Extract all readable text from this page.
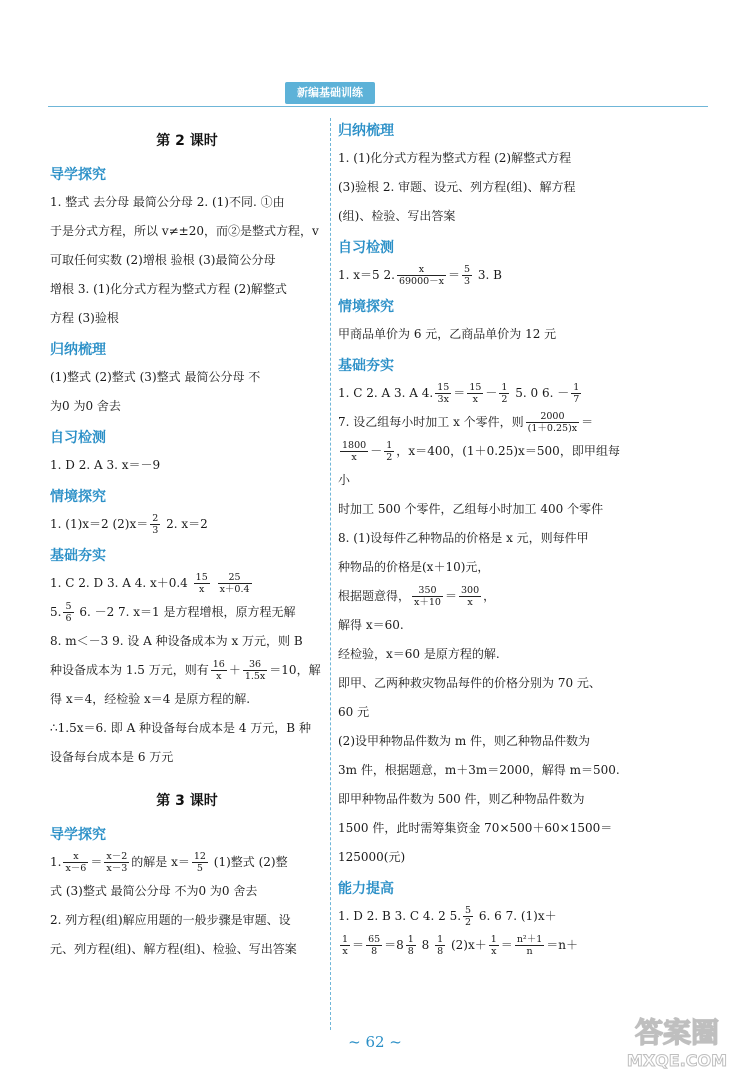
新编基础训练
第 2 课时
导学探究

1. 整式 去分母 最简公分母 2. (1)不同. ①由

于是分式方程，所以 v≠±20，而②是整式方程，v

可取任何实数 (2)增根 验根 (3)最简公分母

增根 3. (1)化分式方程为整式方程 (2)解整式

方程 (3)验根

归纳梳理

(1)整式 (2)整式 (3)整式 最简公分母 不

为0 为0 舍去

自习检测

1. D 2. A 3. x＝－9

情境探究

1. (1)x＝2 $(2)x= \frac{2}{3} 2$. x＝2

基础夯实

1. C 2. D 3. A 4. $x+0.4 \frac{15}{x}$
$\frac{25}{x+0.4}$

5. $\frac{5}{6} 6$. －2 7. x＝1 是方程增根，原方程无解

8. m＜－3 9. 设 A 种设备成本为 x 万元，则 B

种设备成本为 1.5 万元，则有 $\frac{16}{x} + \frac{36}{1.5x} =10$，解

得 x＝4，经检验 x＝4 是原方程的解.

∴1.5x＝6. 即 A 种设备每台成本是 4 万元，B 种

设备每台成本是 6 万元

第 3 课时
导学探究

1. $\frac{x}{x-6} = \frac{x-2}{x-3}$ 的解是 $x= \frac{12}{5} (1)$整式 (2)整

式 (3)整式 最简公分母 不为0 为0 舍去

2. 列方程(组)解应用题的一般步骤是审题、设

元、列方程(组)、解方程(组)、检验、写出答案

归纳梳理

1. (1)化分式方程为整式方程 (2)解整式方程

(3)验根 2. 审题、设元、列方程(组)、解方程

(组)、检验、写出答案

自习检测

1. x＝5 2. $\frac{x}{69000-x} = \frac{5}{3} 3$. B

情境探究

甲商品单价为 6 元，乙商品单价为 12 元

基础夯实

1. C 2. A 3. A 4. $\frac{15}{3x} = \frac{15}{x} - \frac{1}{2} 5$. 0 6. － $\frac{1}{7}$

7. 设乙组每小时加工 x 个零件，则 $\frac{2000}{(1+0.25)x}$ ＝

$\frac{1800}{x} - \frac{1}{2}$ ，x＝400，(1＋0.25)x＝500，即甲组每小

时加工 500 个零件，乙组每小时加工 400 个零件

8. (1)设每件乙种物品的价格是 x 元，则每件甲

种物品的价格是(x＋10)元，

根据题意得， $\frac{350}{x+10} = \frac{300}{x}$ ，

解得 x＝60.

经检验，x＝60 是原方程的解.

即甲、乙两种救灾物品每件的价格分别为 70 元、

60 元

(2)设甲种物品件数为 m 件，则乙种物品件数为

3m 件，根据题意，m＋3m＝2000，解得 m＝500.

即甲种物品件数为 500 件，则乙种物品件数为

1500 件，此时需筹集资金 70×500＋60×1500＝

125000(元)

能力提高

1. D 2. B 3. C 4. 2 5. $\frac{5}{2} 6$. 6 7. (1)x＋

$\frac{1}{x} = \frac{65}{8} =8 \frac{1}{8} 8 \frac{1}{8} (2)x+ \frac{1}{x} = \frac{\text{n²＋1}}{n} =n+$

~ 62 ~	答案圈
MXQE.COM
